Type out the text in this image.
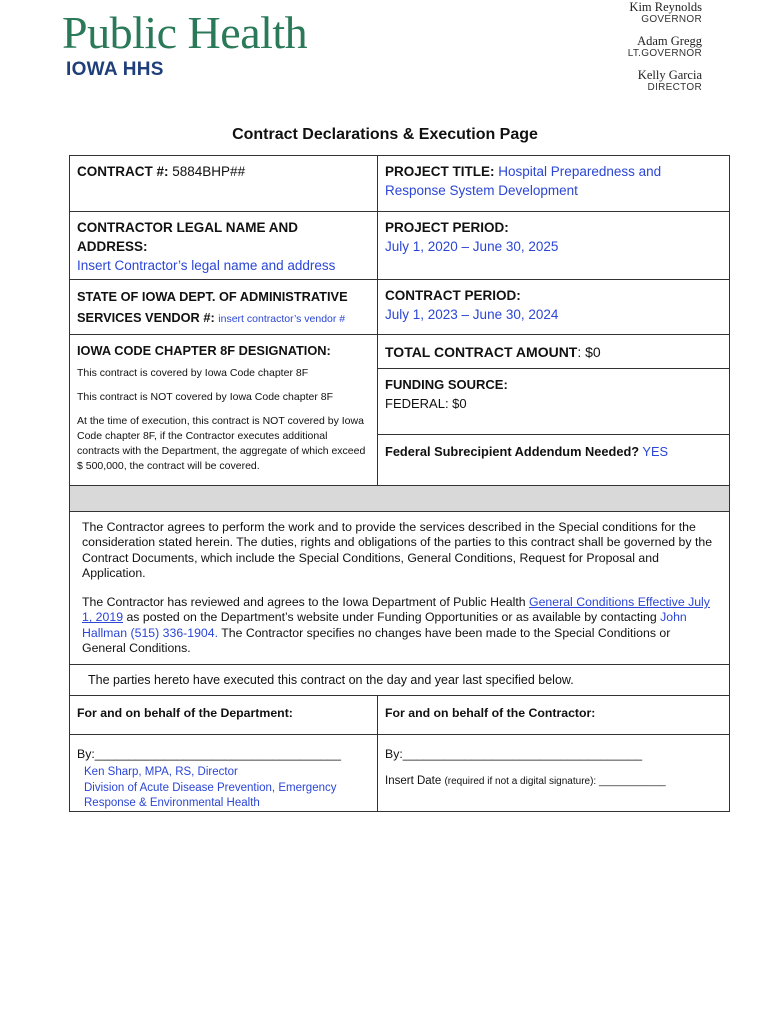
Public Health
IOWA HHS
Kim Reynolds
GOVERNOR
Adam Gregg
LT.GOVERNOR
Kelly Garcia
DIRECTOR
Contract Declarations & Execution Page
CONTRACT #: 5884BHP##	PROJECT TITLE: Hospital Preparedness and Response System Development
CONTRACTOR LEGAL NAME AND ADDRESS:
Insert Contractor’s legal name and address
PROJECT PERIOD:
July 1, 2020 – June 30, 2025
STATE OF IOWA DEPT. OF ADMINISTRATIVE SERVICES VENDOR #: insert contractor’s vendor #
CONTRACT PERIOD:
July 1, 2023 – June 30, 2024
IOWA CODE CHAPTER 8F DESIGNATION:
This contract is covered by Iowa Code chapter 8F
This contract is NOT covered by Iowa Code chapter 8F
At the time of execution, this contract is NOT covered by Iowa Code chapter 8F, if the Contractor executes additional contracts with the Department, the aggregate of which exceed $ 500,000, the contract will be covered.
TOTAL CONTRACT AMOUNT: $0
FUNDING SOURCE:
FEDERAL: $0
Federal Subrecipient Addendum Needed? YES

The Contractor agrees to perform the work and to provide the services described in the Special conditions for the consideration stated herein. The duties, rights and obligations of the parties to this contract shall be governed by the Contract Documents, which include the Special Conditions, General Conditions, Request for Proposal and Application.

The Contractor has reviewed and agrees to the Iowa Department of Public Health General Conditions Effective July 1, 2019 as posted on the Department’s website under Funding Opportunities or as available by contacting John Hallman (515) 336-1904. The Contractor specifies no changes have been made to the Special Conditions or General Conditions.

The parties hereto have executed this contract on the day and year last specified below.
For and on behalf of the Department:
By:____________________________________
Ken Sharp, MPA, RS, Director
Division of Acute Disease Prevention, Emergency Response & Environmental Health
For and on behalf of the Contractor:
By:___________________________________
Insert Date (required if not a digital signature): ____________
